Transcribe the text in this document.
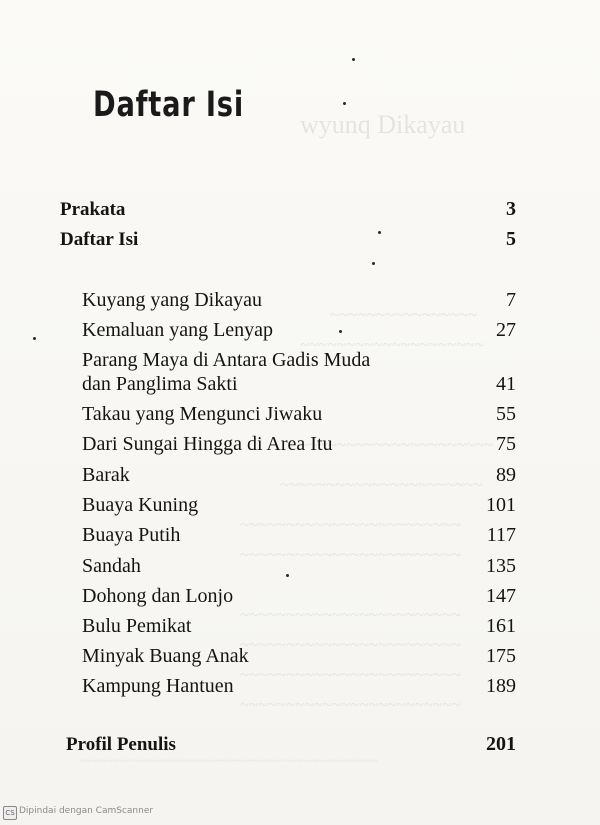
wyunq Dikayau
~~~~~~~~~~~~~~~~
~~~~~~~~~~~~~~~~~~~~
~~~~~~~~~~~~~~~~~~~~~
~~~~~~~~~~~~~~~~~~~~~~
~~~~~~~~~~~~~~~~~~~~~~~~
~~~~~~~~~~~~~~~~~~~~~~~~
~~~~~~~~~~~~~~~~~~~~~~~~
~~~~~~~~~~~~~~~~~~~~~~~~
~~~~~~~~~~~~~~~~~~~~~~~~
~~~~~~~~~~~~~~~~~~~~~~~~
~~~~~~~~~~~~~~~~~~~~~~~~~~~~~~~~~~~~~~~~~~~~~~~~~~~~~~~
Daftar Isi
Prakata	3
Daftar Isi	5
Kuyang yang Dikayau	7
Kemaluan yang Lenyap	27
Parang Maya di Antara Gadis Muda dan Panglima Sakti	41
Takau yang Mengunci Jiwaku	55
Dari Sungai Hingga di Area Itu	75
Barak	89
Buaya Kuning	101
Buaya Putih	117
Sandah	135
Dohong dan Lonjo	147
Bulu Pemikat	161
Minyak Buang Anak	175
Kampung Hantuen	189
Profil Penulis	201
CS Dipindai dengan CamScanner
